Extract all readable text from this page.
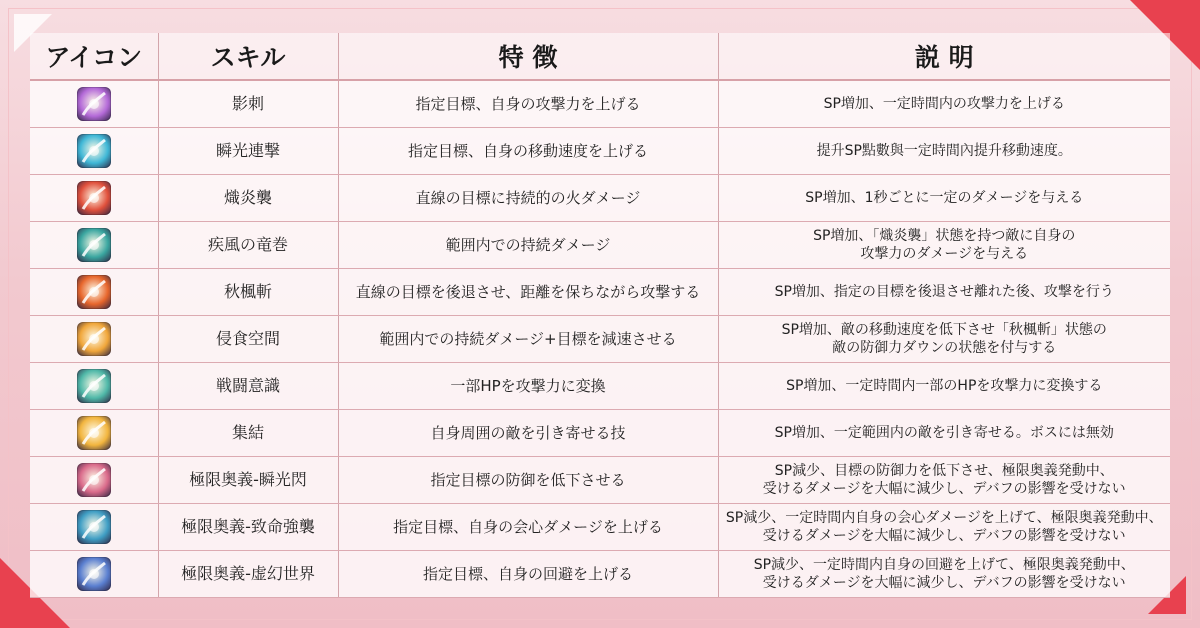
アイコン	スキル	特 徴	説 明

	影刺	指定目標、自身の攻撃力を上げる	SP増加、一定時間内の攻撃力を上げる

	瞬光連撃	指定目標、自身の移動速度を上げる	提升SP點數與一定時間內提升移動速度。

	熾炎襲	直線の目標に持続的の火ダメージ	SP増加、1秒ごとに一定のダメージを与える

	疾風の竜巻	範囲内での持続ダメージ	SP増加、「熾炎襲」状態を持つ敵に自身の
攻撃力のダメージを与える

	秋楓斬	直線の目標を後退させ、距離を保ちながら攻撃する	SP増加、指定の目標を後退させ離れた後、攻撃を行う

	侵食空間	範囲内での持続ダメージ+目標を減速させる	SP増加、敵の移動速度を低下させ「秋楓斬」状態の
敵の防御力ダウンの状態を付与する

	戦闘意識	一部HPを攻撃力に変換	SP増加、一定時間内一部のHPを攻撃力に変換する

	集結	自身周囲の敵を引き寄せる技	SP増加、一定範囲内の敵を引き寄せる。ボスには無効

	極限奥義-瞬光閃	指定目標の防御を低下させる	SP減少、目標の防御力を低下させ、極限奥義発動中、
受けるダメージを大幅に減少し、デバフの影響を受けない

	極限奥義-致命強襲	指定目標、自身の会心ダメージを上げる	SP減少、一定時間内自身の会心ダメージを上げて、極限奥義発動中、
受けるダメージを大幅に減少し、デバフの影響を受けない

	極限奥義-虚幻世界	指定目標、自身の回避を上げる	SP減少、一定時間内自身の回避を上げて、極限奥義発動中、
受けるダメージを大幅に減少し、デバフの影響を受けない
